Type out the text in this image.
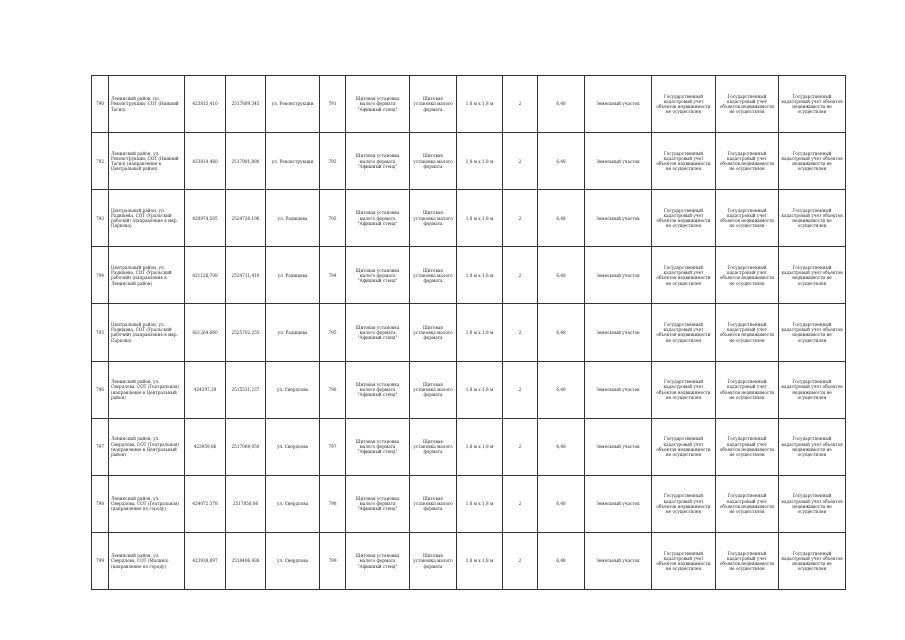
790	Ленинский район, пл. Реконструкции, СОТ (Нижний Тагил)	423815,410	2517889,345	ул. Реконструкции	791	Щитовая установка малого формата "Афишный стенд"	Щитовая установка малого формата	1,8 м x 1,8 м	2	6,48	Земельный участок	Государственный кадастровый учет объектов недвижимости не осуществлен	Государственный кадастровый учет объектов недвижимости не осуществлен	Государственный кадастровый учет объектов недвижимости не осуществлен
792	Ленинский район, ул. Реконструкции, СОТ (Нижний Тагил) (направление в Центральный район)	423814,460	2517901,080	ул. Реконструкции	792	Щитовая установка малого формата "Афишный стенд"	Щитовая установка малого формата	1,8 м x 1,8 м	2	6,48	Земельный участок	Государственный кадастровый учет объектов недвижимости не осуществлен	Государственный кадастровый учет объектов недвижимости не осуществлен	Государственный кадастровый учет объектов недвижимости не осуществлен
793	Центральный район, ул. Радищева, СОТ (Уральский рабочий) (направление в мкр. Паркова)	420974,505	2524726,196	ул. Радищева	793	Щитовая установка малого формата "Афишный стенд"	Щитовая установка малого формата	1,8 м x 1,8 м	2	6,48	Земельный участок	Государственный кадастровый учет объектов недвижимости не осуществлен	Государственный кадастровый учет объектов недвижимости не осуществлен	Государственный кадастровый учет объектов недвижимости не осуществлен
794	Центральный район, ул. Радищева, СОТ (Уральский рабочий) (направление в Ленинский район)	421126,709	2524711,410	ул. Радищева	794	Щитовая установка малого формата "Афишный стенд"	Щитовая установка малого формата	1,8 м x 1,8 м	2	6,48	Земельный участок	Государственный кадастровый учет объектов недвижимости не осуществлен	Государственный кадастровый учет объектов недвижимости не осуществлен	Государственный кадастровый учет объектов недвижимости не осуществлен
795	Центральный район, ул. Радищева, СОТ (Уральский рабочий) (направление в мкр. Паркова)	421264,660	2525702,255	ул. Радищева	795	Щитовая установка малого формата "Афишный стенд"	Щитовая установка малого формата	1,8 м x 1,8 м	2	6,48	Земельный участок	Государственный кадастровый учет объектов недвижимости не осуществлен	Государственный кадастровый учет объектов недвижимости не осуществлен	Государственный кадастровый учет объектов недвижимости не осуществлен
796	Ленинский район, ул. Свердлова, СОТ (Театральная) (направление в Центральный район)	424297,29	2515531,237	ул. Свердлова	796	Щитовая установка малого формата "Афишный стенд"	Щитовая установка малого формата	1,8 м x 1,8 м	2	6,48	Земельный участок	Государственный кадастровый учет объектов недвижимости не осуществлен	Государственный кадастровый учет объектов недвижимости не осуществлен	Государственный кадастровый учет объектов недвижимости не осуществлен
797	Ленинский район, ул. Свердлова, СОТ (Театральная) (направление в Центральный район)	423959,86	2517069,050	ул. Свердлова	797	Щитовая установка малого формата "Афишный стенд"	Щитовая установка малого формата	1,8 м x 1,8 м	2	6,48	Земельный участок	Государственный кадастровый учет объектов недвижимости не осуществлен	Государственный кадастровый учет объектов недвижимости не осуществлен	Государственный кадастровый учет объектов недвижимости не осуществлен
798	Ленинский район, ул. Свердлова, СОТ (Театральная) (направление по городу)	424072,378	2517858,86	ул. Свердлова	798	Щитовая установка малого формата "Афишный стенд"	Щитовая установка малого формата	1,8 м x 1,8 м	2	6,48	Земельный участок	Государственный кадастровый учет объектов недвижимости не осуществлен	Государственный кадастровый учет объектов недвижимости не осуществлен	Государственный кадастровый учет объектов недвижимости не осуществлен
799	Ленинский район, ул. Свердлова, СОТ (Малина) (направление по городу)	423938,897	2518406,436	ул. Свердлова	799	Щитовая установка малого формата "Афишный стенд"	Щитовая установка малого формата	1,8 м x 1,8 м	2	6,48	Земельный участок	Государственный кадастровый учет объектов недвижимости не осуществлен	Государственный кадастровый учет объектов недвижимости не осуществлен	Государственный кадастровый учет объектов недвижимости не осуществлен
